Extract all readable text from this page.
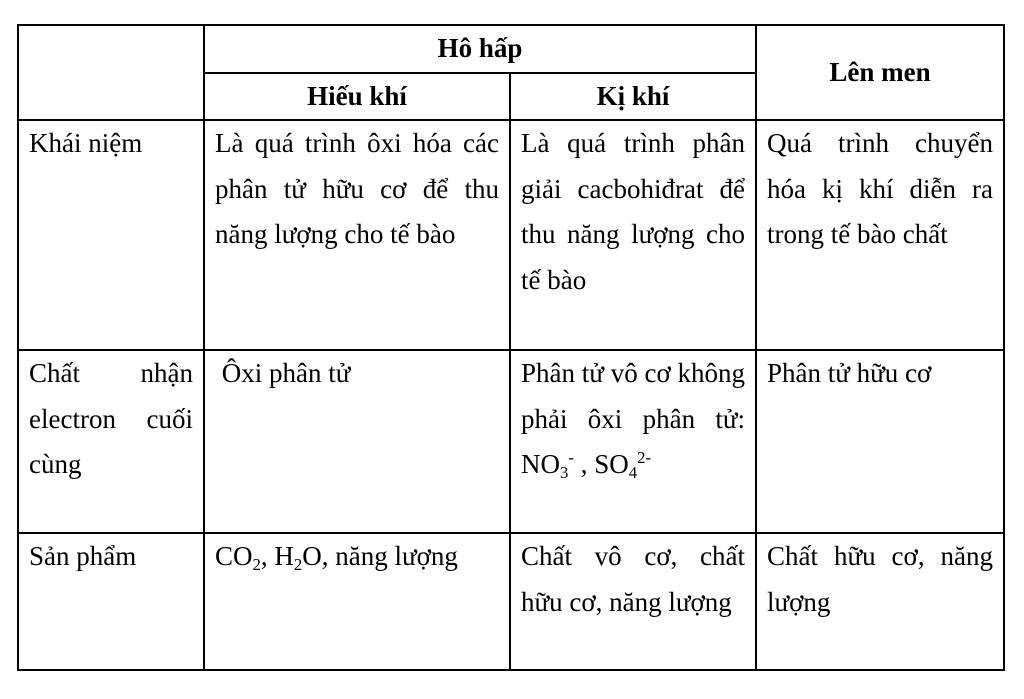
	Hô hấp		Lên men
	Hiếu khí	Kị khí	
Khái niệm	Là quá trình ôxi hóa các phân tử hữu cơ để thu năng lượng cho tế bào	Là quá trình phân giải cacbohiđrat để thu năng lượng cho tế bào	Quá trình chuyển hóa kị khí diễn ra trong tế bào chất
Chất nhận electron cuối cùng	Ôxi phân tử	Phân tử vô cơ không phải ôxi phân tử: $NO_3^-$ , $SO_4^{2-}$	Phân tử hữu cơ
Sản phẩm	$CO_2$, $H_2O$, năng lượng	Chất vô cơ, chất hữu cơ, năng lượng	Chất hữu cơ, năng lượng
